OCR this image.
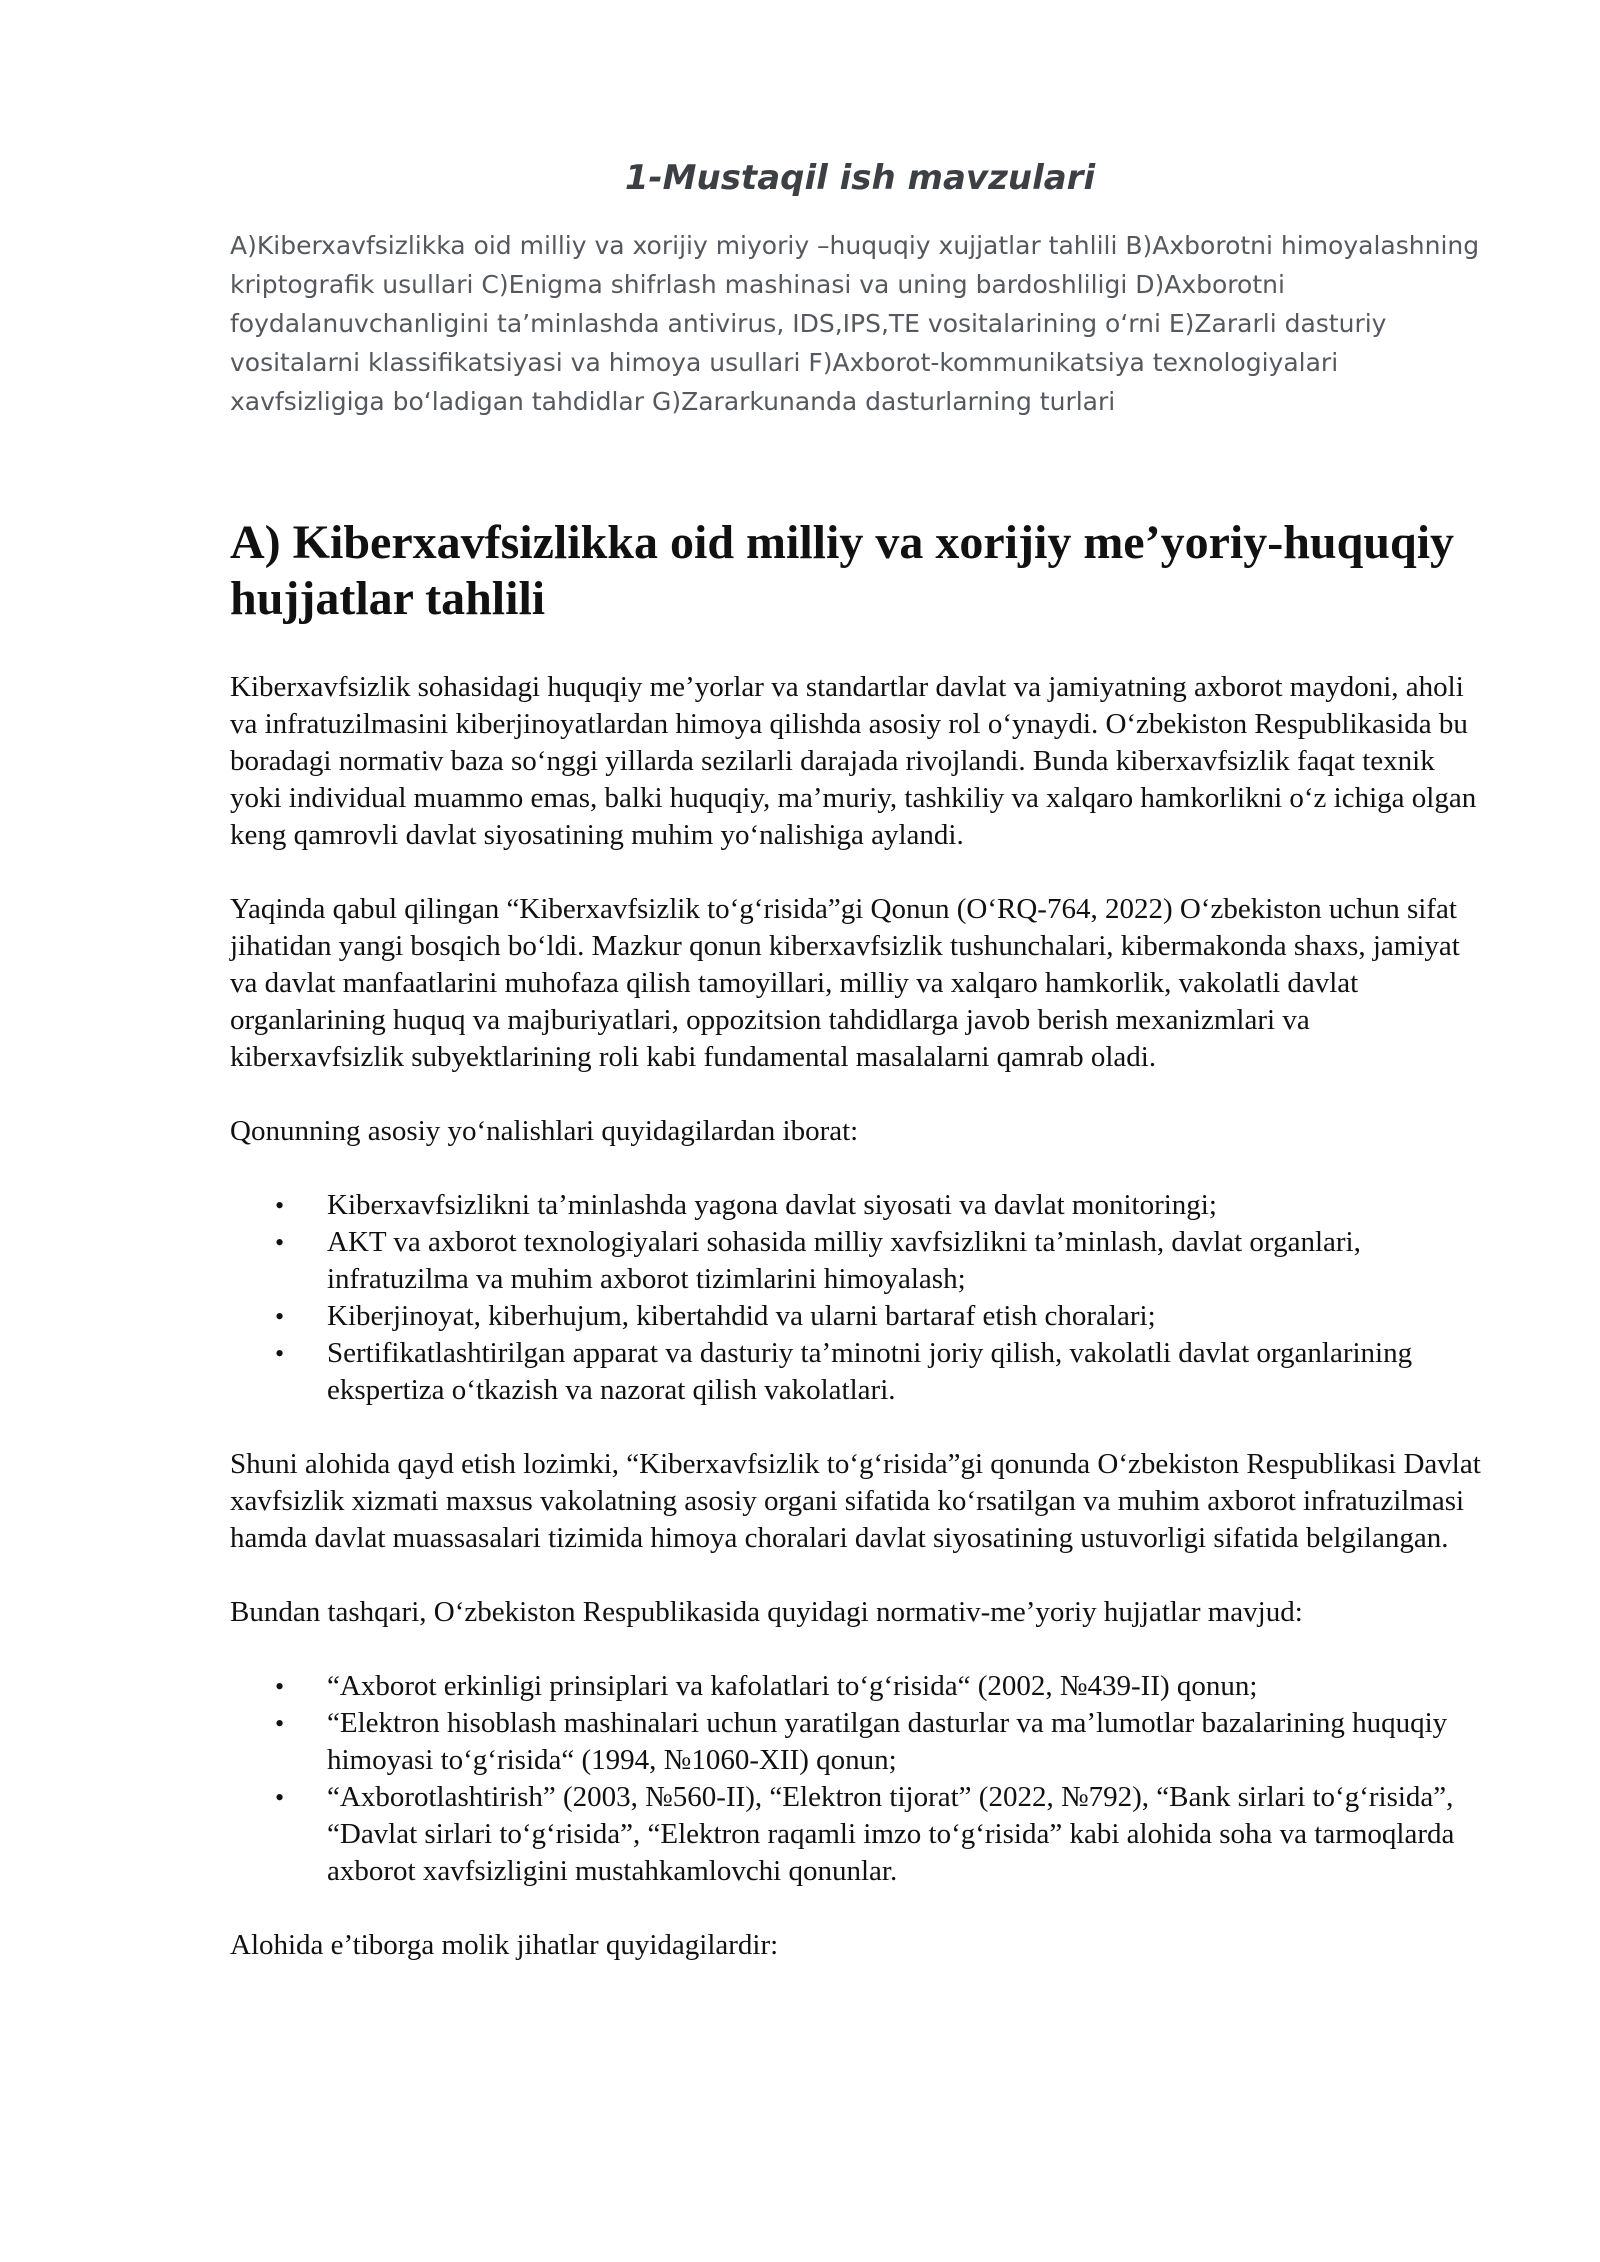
1-Mustaqil ish mavzulari

A)Kiberxavfsizlikka oid milliy va xorijiy miyoriy –huquqiy xujjatlar tahlili B)Axborotni himoyalashning kriptografik usullari C)Enigma shifrlash mashinasi va uning bardoshliligi D)Axborotni foydalanuvchanligini ta’minlashda antivirus, IDS,IPS,TE vositalarining o‘rni E)Zararli dasturiy vositalarni klassifikatsiyasi va himoya usullari F)Axborot-kommunikatsiya texnologiyalari xavfsizligiga bo‘ladigan tahdidlar G)Zararkunanda dasturlarning turlari

A) Kiberxavfsizlikka oid milliy va xorijiy me’yoriy-huquqiy hujjatlar tahlili

Kiberxavfsizlik sohasidagi huquqiy me’yorlar va standartlar davlat va jamiyatning axborot maydoni, aholi va infratuzilmasini kiberjinoyatlardan himoya qilishda asosiy rol o‘ynaydi. O‘zbekiston Respublikasida bu boradagi normativ baza so‘nggi yillarda sezilarli darajada rivojlandi. Bunda kiberxavfsizlik faqat texnik yoki individual muammo emas, balki huquqiy, ma’muriy, tashkiliy va xalqaro hamkorlikni o‘z ichiga olgan keng qamrovli davlat siyosatining muhim yo‘nalishiga aylandi.

Yaqinda qabul qilingan “Kiberxavfsizlik to‘g‘risida”gi Qonun (O‘RQ-764, 2022) O‘zbekiston uchun sifat jihatidan yangi bosqich bo‘ldi. Mazkur qonun kiberxavfsizlik tushunchalari, kibermakonda shaxs, jamiyat va davlat manfaatlarini muhofaza qilish tamoyillari, milliy va xalqaro hamkorlik, vakolatli davlat organlarining huquq va majburiyatlari, oppozitsion tahdidlarga javob berish mexanizmlari va kiberxavfsizlik subyektlarining roli kabi fundamental masalalarni qamrab oladi.

Qonunning asosiy yo‘nalishlari quyidagilardan iborat:

• Kiberxavfsizlikni ta’minlashda yagona davlat siyosati va davlat monitoringi;
• AKT va axborot texnologiyalari sohasida milliy xavfsizlikni ta’minlash, davlat organlari, infratuzilma va muhim axborot tizimlarini himoyalash;
• Kiberjinoyat, kiberhujum, kibertahdid va ularni bartaraf etish choralari;
• Sertifikatlashtirilgan apparat va dasturiy ta’minotni joriy qilish, vakolatli davlat organlarining ekspertiza o‘tkazish va nazorat qilish vakolatlari.

Shuni alohida qayd etish lozimki, “Kiberxavfsizlik to‘g‘risida”gi qonunda O‘zbekiston Respublikasi Davlat xavfsizlik xizmati maxsus vakolatning asosiy organi sifatida ko‘rsatilgan va muhim axborot infratuzilmasi hamda davlat muassasalari tizimida himoya choralari davlat siyosatining ustuvorligi sifatida belgilangan.

Bundan tashqari, O‘zbekiston Respublikasida quyidagi normativ-me’yoriy hujjatlar mavjud:

• “Axborot erkinligi prinsiplari va kafolatlari to‘g‘risida“ (2002, №439-II) qonun;
• “Elektron hisoblash mashinalari uchun yaratilgan dasturlar va ma’lumotlar bazalarining huquqiy himoyasi to‘g‘risida“ (1994, №1060-XII) qonun;
• “Axborotlashtirish” (2003, №560-II), “Elektron tijorat” (2022, №792), “Bank sirlari to‘g‘risida”, “Davlat sirlari to‘g‘risida”, “Elektron raqamli imzo to‘g‘risida” kabi alohida soha va tarmoqlarda axborot xavfsizligini mustahkamlovchi qonunlar.

Alohida e’tiborga molik jihatlar quyidagilardir:
